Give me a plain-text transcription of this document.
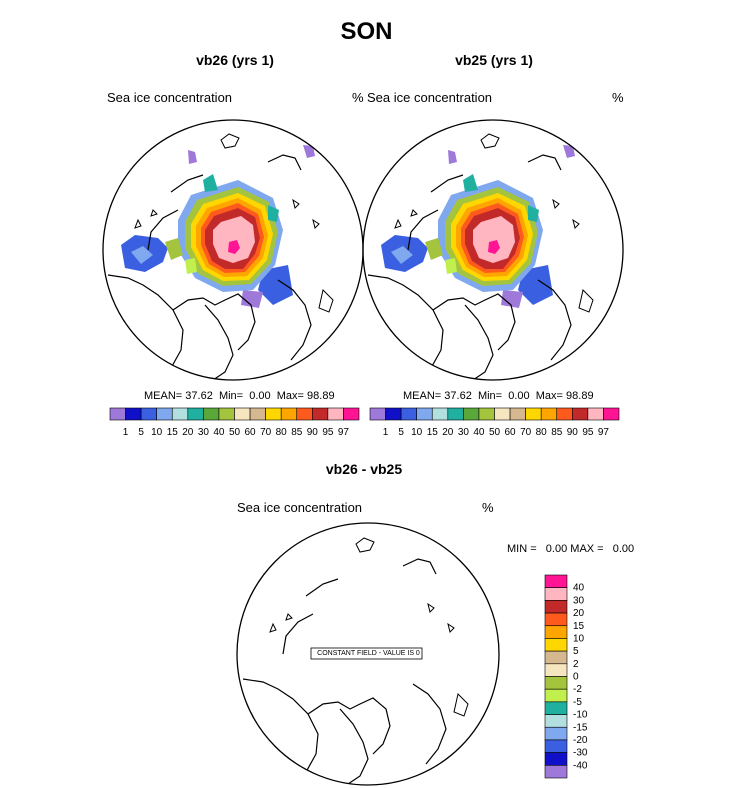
SON
vb26 (yrs 1)	vb25 (yrs 1)
Sea ice concentration	% Sea ice concentration	%
MEAN= 37.62 Min= 0.00 Max= 98.89	MEAN= 37.62 Min= 0.00 Max= 98.89
vb26 - vb25
Sea ice concentration	%
MIN =   0.00 MAX =   0.00
1 5 10 15 20 30 40 50 60 70 80 85 90 95 97	1 5 10 15 20 30 40 50 60 70 80 85 90 95 97
40
30
20
15
10
5
2
0
-2
-5
-10
-15
-20
-30
-40
CONSTANT FIELD - VALUE IS 0
